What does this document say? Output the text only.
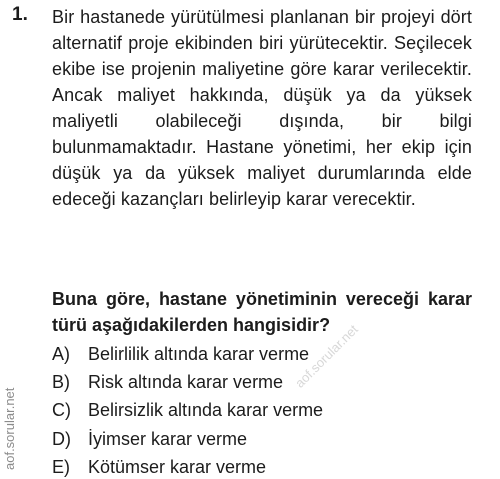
1. Bir hastanede yürütülmesi planlanan bir projeyi dört alternatif proje ekibinden biri yürütecektir. Seçilecek ekibe ise projenin maliyetine göre karar verilecektir. Ancak maliyet hakkında, düşük ya da yüksek maliyetli olabileceği dışında, bir bilgi bulunmamaktadır. Hastane yönetimi, her ekip için düşük ya da yüksek maliyet durumlarında elde edeceği kazançları belirleyip karar verecektir.

Buna göre, hastane yönetiminin vereceği karar türü aşağıdakilerden hangisidir?

A) Belirlilik altında karar verme
B) Risk altında karar verme
C) Belirsizlik altında karar verme
D) İyimser karar verme
E) Kötümser karar verme
aof.sorular.net
aof.sorular.net
